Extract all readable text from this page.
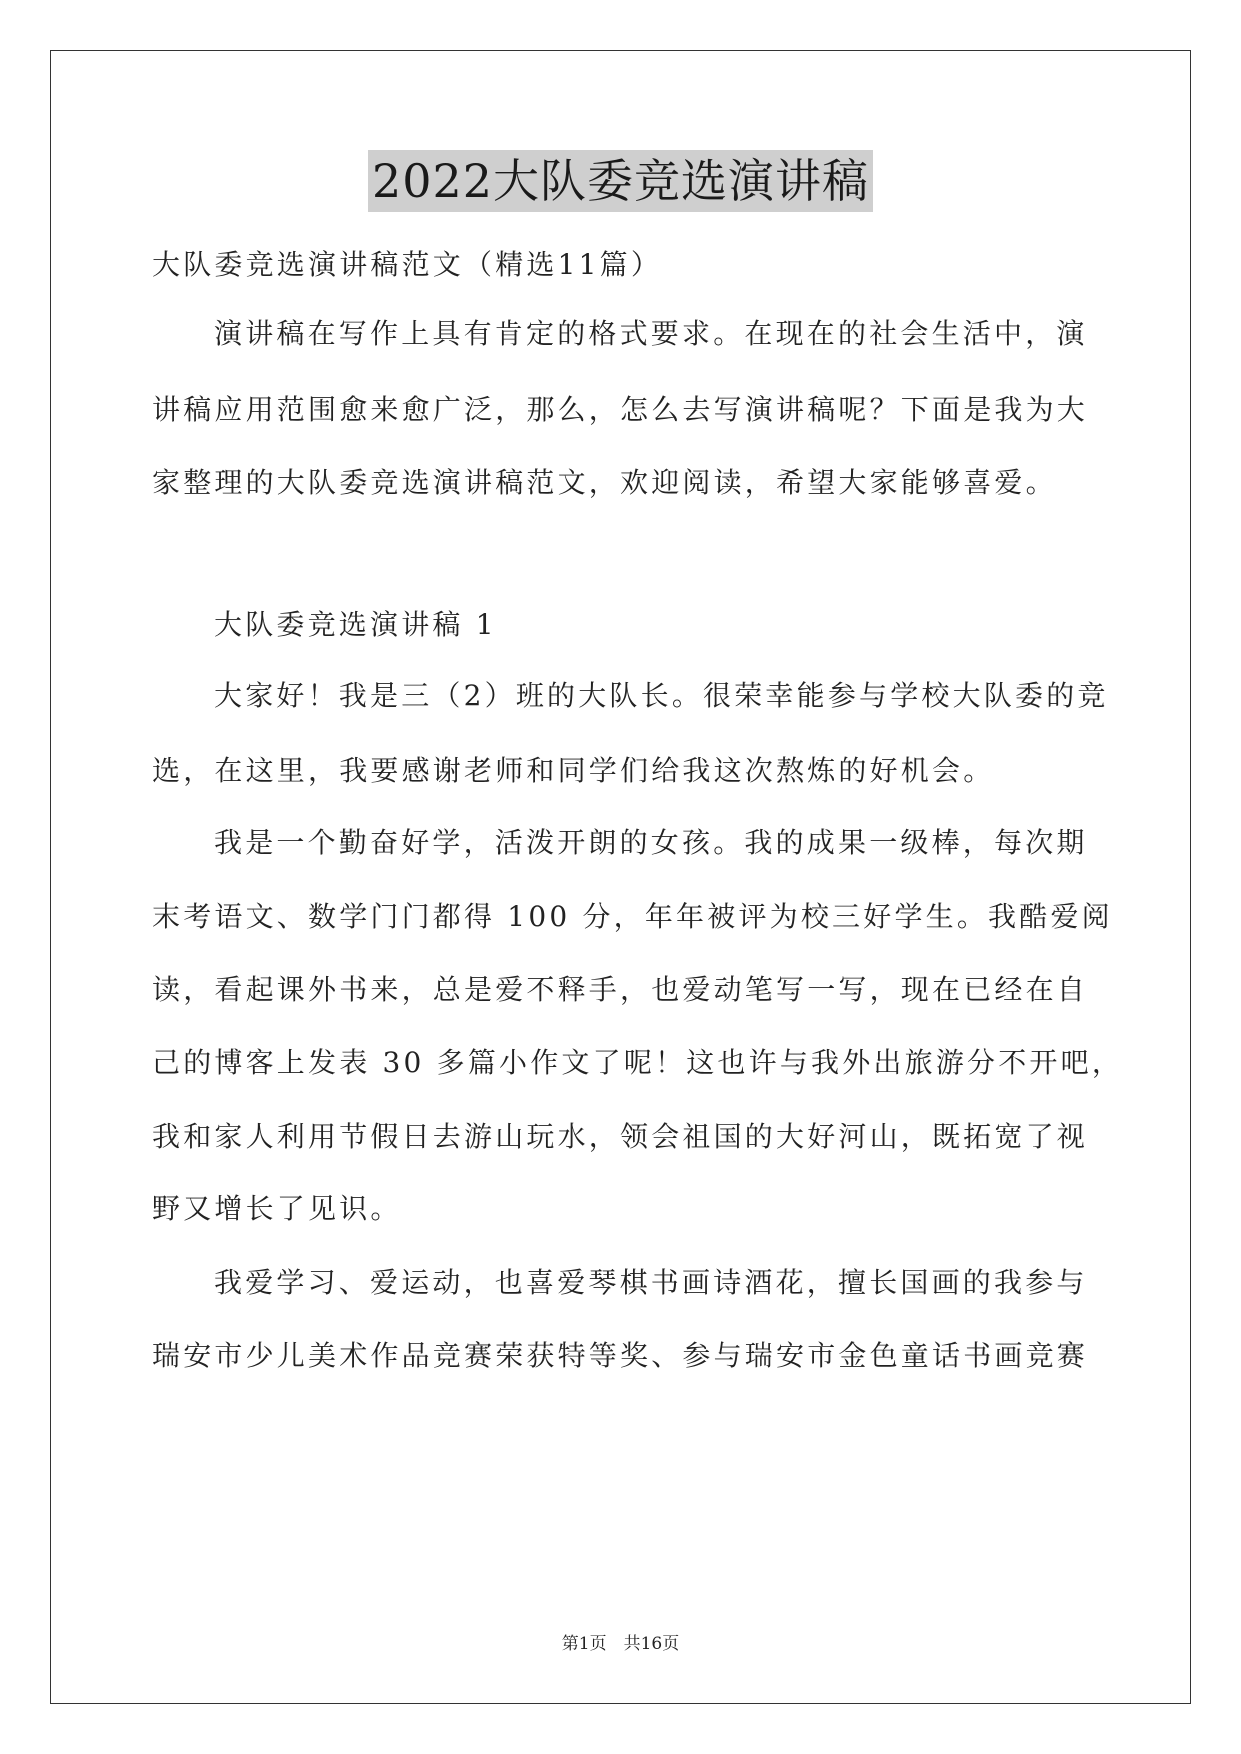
2022大队委竞选演讲稿
大队委竞选演讲稿范文（精选11篇）
演讲稿在写作上具有肯定的格式要求。在现在的社会生活中，演
讲稿应用范围愈来愈广泛，那么，怎么去写演讲稿呢？下面是我为大
家整理的大队委竞选演讲稿范文，欢迎阅读，希望大家能够喜爱。
大队委竞选演讲稿 1
大家好！我是三（2）班的大队长。很荣幸能参与学校大队委的竞
选，在这里，我要感谢老师和同学们给我这次熬炼的好机会。
我是一个勤奋好学，活泼开朗的女孩。我的成果一级棒，每次期
末考语文、数学门门都得 100 分，年年被评为校三好学生。我酷爱阅
读，看起课外书来，总是爱不释手，也爱动笔写一写，现在已经在自
己的博客上发表 30 多篇小作文了呢！这也许与我外出旅游分不开吧，
我和家人利用节假日去游山玩水，领会祖国的大好河山，既拓宽了视
野又增长了见识。
我爱学习、爱运动，也喜爱琴棋书画诗酒花，擅长国画的我参与
瑞安市少儿美术作品竞赛荣获特等奖、参与瑞安市金色童话书画竞赛
第1页　共16页
